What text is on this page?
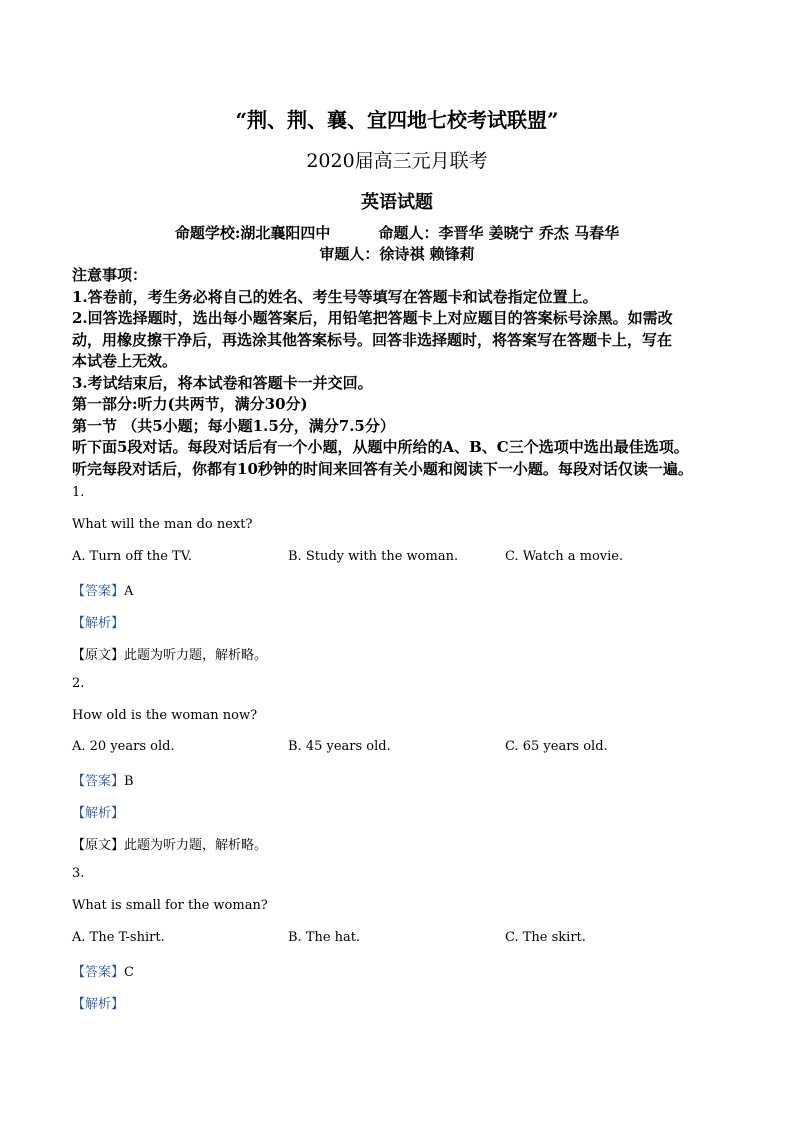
“荆、荆、襄、宜四地七校考试联盟”
2020届高三元月联考
英语试题
命题学校:湖北襄阳四中	命题人：李晋华 姜晓宁 乔杰 马春华
审题人：徐诗祺 赖锋莉
注意事项：
1.答卷前，考生务必将自己的姓名、考生号等填写在答题卡和试卷指定位置上。
2.回答选择题时，选出每小题答案后，用铅笔把答题卡上对应题目的答案标号涂黑。如需改
动，用橡皮擦干净后，再选涂其他答案标号。回答非选择题时，将答案写在答题卡上，写在
本试卷上无效。
3.考试结束后，将本试卷和答题卡一并交回。
第一部分:听力(共两节，满分30分)
第一节 （共5小题；每小题1.5分，满分7.5分）
听下面5段对话。每段对话后有一个小题，从题中所给的A、B、C三个选项中选出最佳选项。
听完每段对话后，你都有10秒钟的时间来回答有关小题和阅读下一小题。每段对话仅读一遍。
1.
What will the man do next?
A. Turn off the TV.	B. Study with the woman.	C. Watch a movie.
【答案】A
【解析】
【原文】此题为听力题，解析略。
2.
How old is the woman now?
A. 20 years old.	B. 45 years old.	C. 65 years old.
【答案】B
【解析】
【原文】此题为听力题，解析略。
3.
What is small for the woman?
A. The T-shirt.	B. The hat.	C. The skirt.
【答案】C
【解析】
